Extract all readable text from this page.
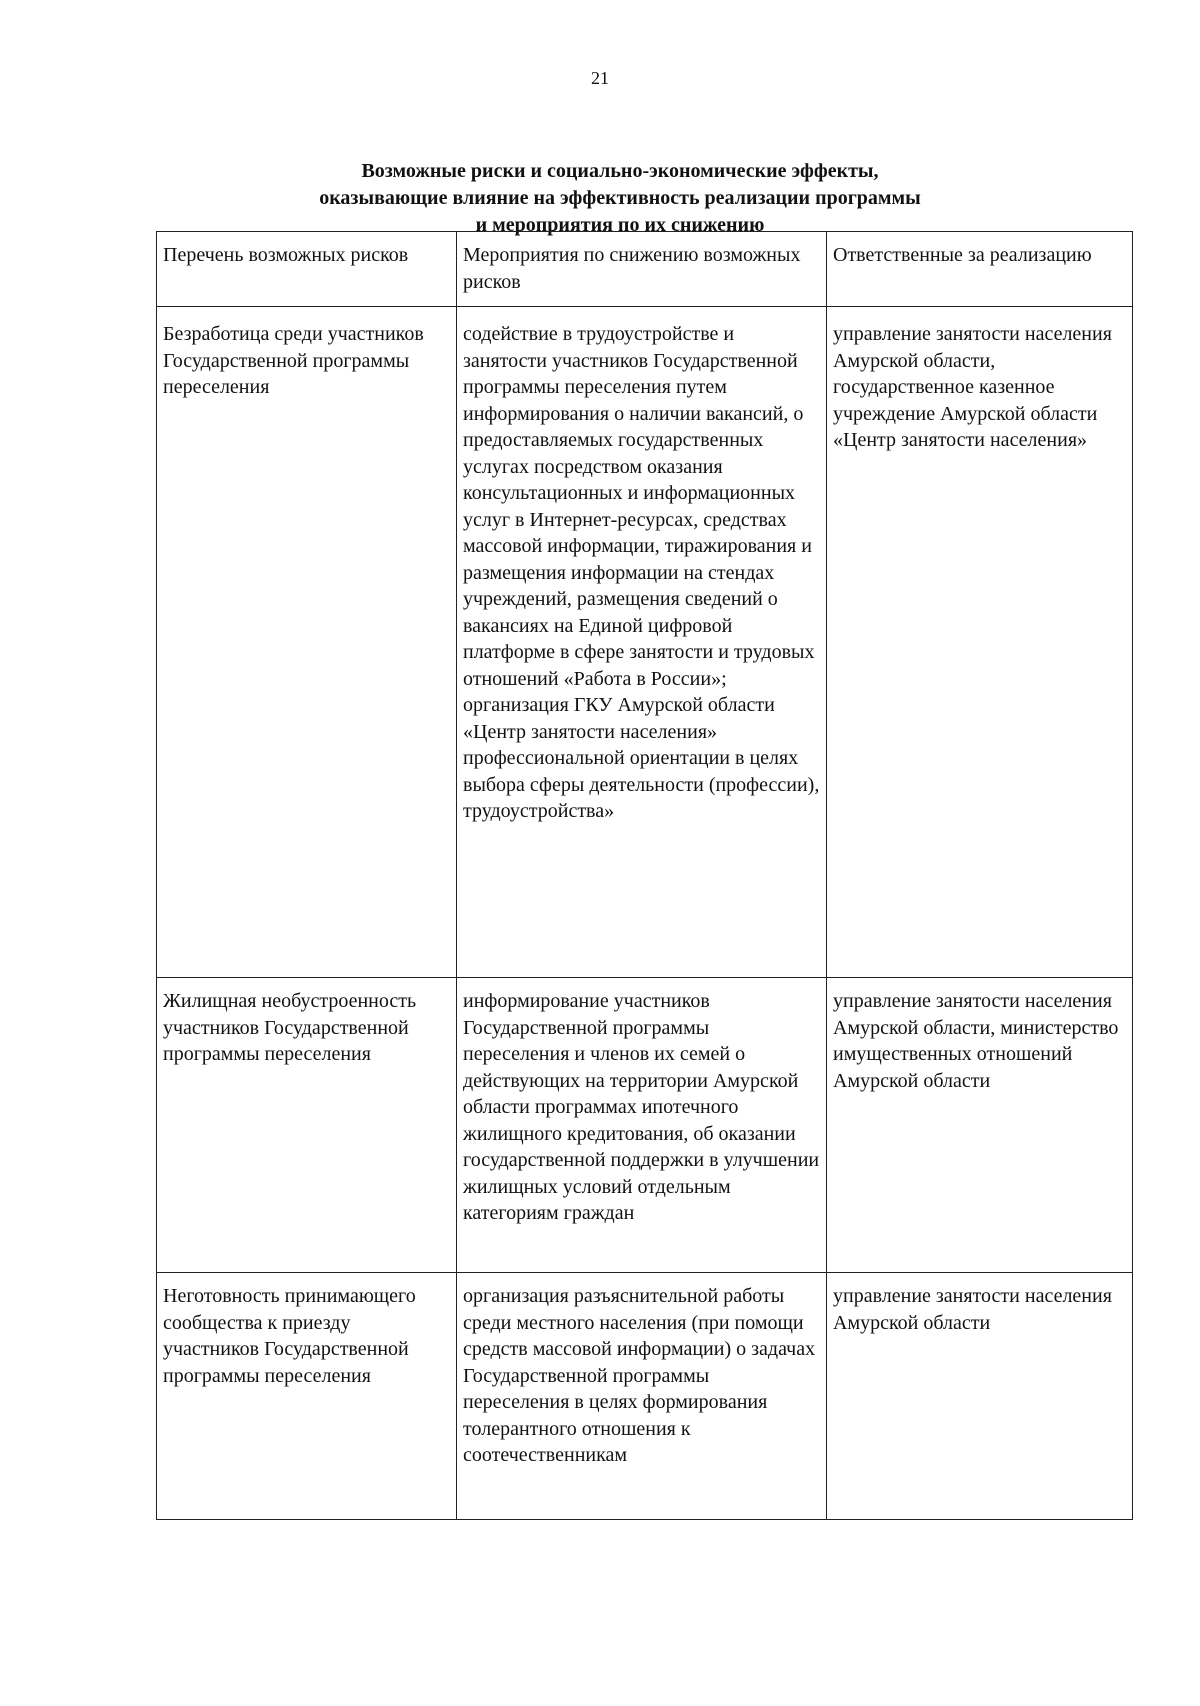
21
Возможные риски и социально-экономические эффекты,
оказывающие влияние на эффективность реализации программы
и мероприятия по их снижению
Перечень возможных рисков	Мероприятия по снижению возможных рисков	Ответственные за реализацию
Безработица среди участников Государственной программы переселения	содействие в трудоустройстве и занятости участников Государственной программы переселения путем информирования о наличии вакансий, о предоставляемых государственных услугах посредством оказания консультационных и информационных услуг в Интернет-ресурсах, средствах массовой информации, тиражирования и размещения информации на стендах учреждений, размещения сведений о вакансиях на Единой цифровой платформе в сфере занятости и трудовых отношений «Работа в России»; организация ГКУ Амурской области «Центр занятости населения» профессиональной ориентации в целях выбора сферы деятельности (профессии), трудоустройства»	управление занятости населения Амурской области, государственное казенное учреждение Амурской области «Центр занятости населения»
Жилищная необустроенность участников Государственной программы переселения	информирование участников Государственной программы переселения и членов их семей о действующих на территории Амурской области программах ипотечного жилищного кредитования, об оказании государственной поддержки в улучшении жилищных условий отдельным категориям граждан	управление занятости населения Амурской области, министерство имущественных отношений Амурской области
Неготовность принимающего сообщества к приезду участников Государственной программы переселения	организация разъяснительной работы среди местного населения (при помощи средств массовой информации) о задачах Государственной программы переселения в целях формирования толерантного отношения к соотечественникам	управление занятости населения Амурской области
